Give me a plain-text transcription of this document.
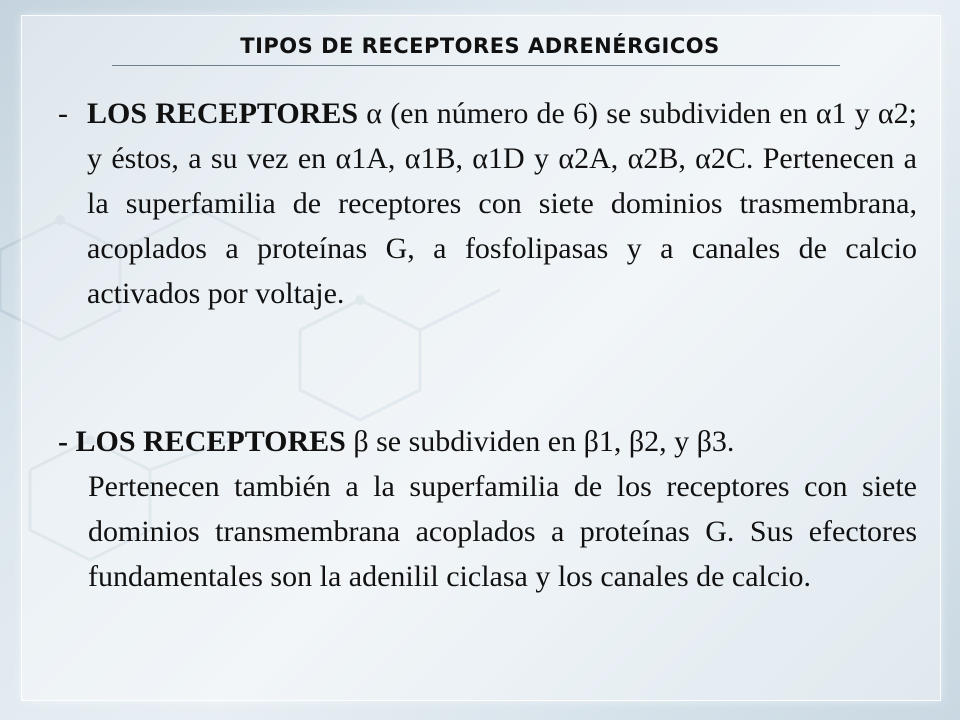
TIPOS DE RECEPTORES ADRENÉRGICOS
- LOS RECEPTORES α (en número de 6) se subdividen en α1 y α2; y éstos, a su vez en α1A, α1B, α1D y α2A, α2B, α2C. Pertenecen a la superfamilia de receptores con siete dominios trasmembrana, acoplados a proteínas G, a fosfolipasas y a canales de calcio activados por voltaje.
- LOS RECEPTORES β se subdividen en β1, β2, y β3.
Pertenecen también a la superfamilia de los receptores con siete dominios transmembrana acoplados a proteínas G. Sus efectores fundamentales son la adenilil ciclasa y los canales de calcio.
